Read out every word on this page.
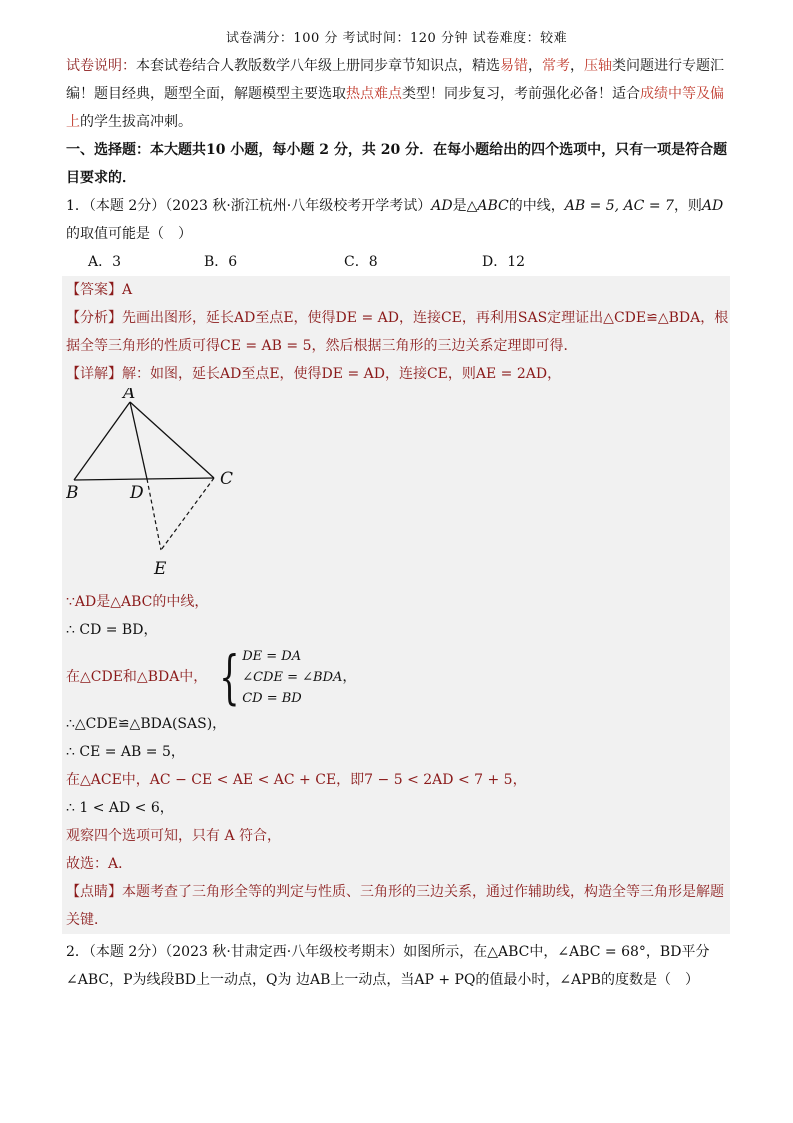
试卷满分：100 分 考试时间：120 分钟 试卷难度：较难

试卷说明：本套试卷结合人教版数学八年级上册同步章节知识点，精选易错，常考，压轴类问题进行专题汇编！题目经典，题型全面，解题模型主要选取热点难点类型！同步复习，考前强化必备！适合成绩中等及偏上的学生拔高冲刺。

一、选择题：本大题共10 小题，每小题 2 分，共 20 分．在每小题给出的四个选项中，只有一项是符合题目要求的．

1．（本题 2分）（2023 秋·浙江杭州·八年级校考开学考试）AD是△ABC的中线，AB = 5, AC = 7，则AD的取值可能是（　）

A．3	B．6	C．8	D．12

【答案】A

【分析】先画出图形，延长AD至点E，使得DE = AD，连接CE，再利用SAS定理证出△CDE≌△BDA，根据全等三角形的性质可得CE = AB = 5，然后根据三角形的三边关系定理即可得．

【详解】解：如图，延长AD至点E，使得DE = AD，连接CE，则AE = 2AD，

A
B	D
C
E

∵AD是△ABC的中线，

∴ CD = BD，

在△CDE和△BDA中， { DE = DA
∠CDE = ∠BDA
CD = BD
，

∴△CDE≌△BDA(SAS)，

∴ CE = AB = 5，

在△ACE中，AC − CE < AE < AC + CE，即7 − 5 < 2AD < 7 + 5，

∴ 1 < AD < 6，

观察四个选项可知，只有 A 符合，

故选：A．

【点睛】本题考查了三角形全等的判定与性质、三角形的三边关系，通过作辅助线，构造全等三角形是解题关键．

2．（本题 2分）（2023 秋·甘肃定西·八年级校考期末）如图所示，在△ABC中，∠ABC = 68°，BD平分

∠ABC，P为线段BD上一动点，Q为 边AB上一动点，当AP + PQ的值最小时，∠APB的度数是（　）
